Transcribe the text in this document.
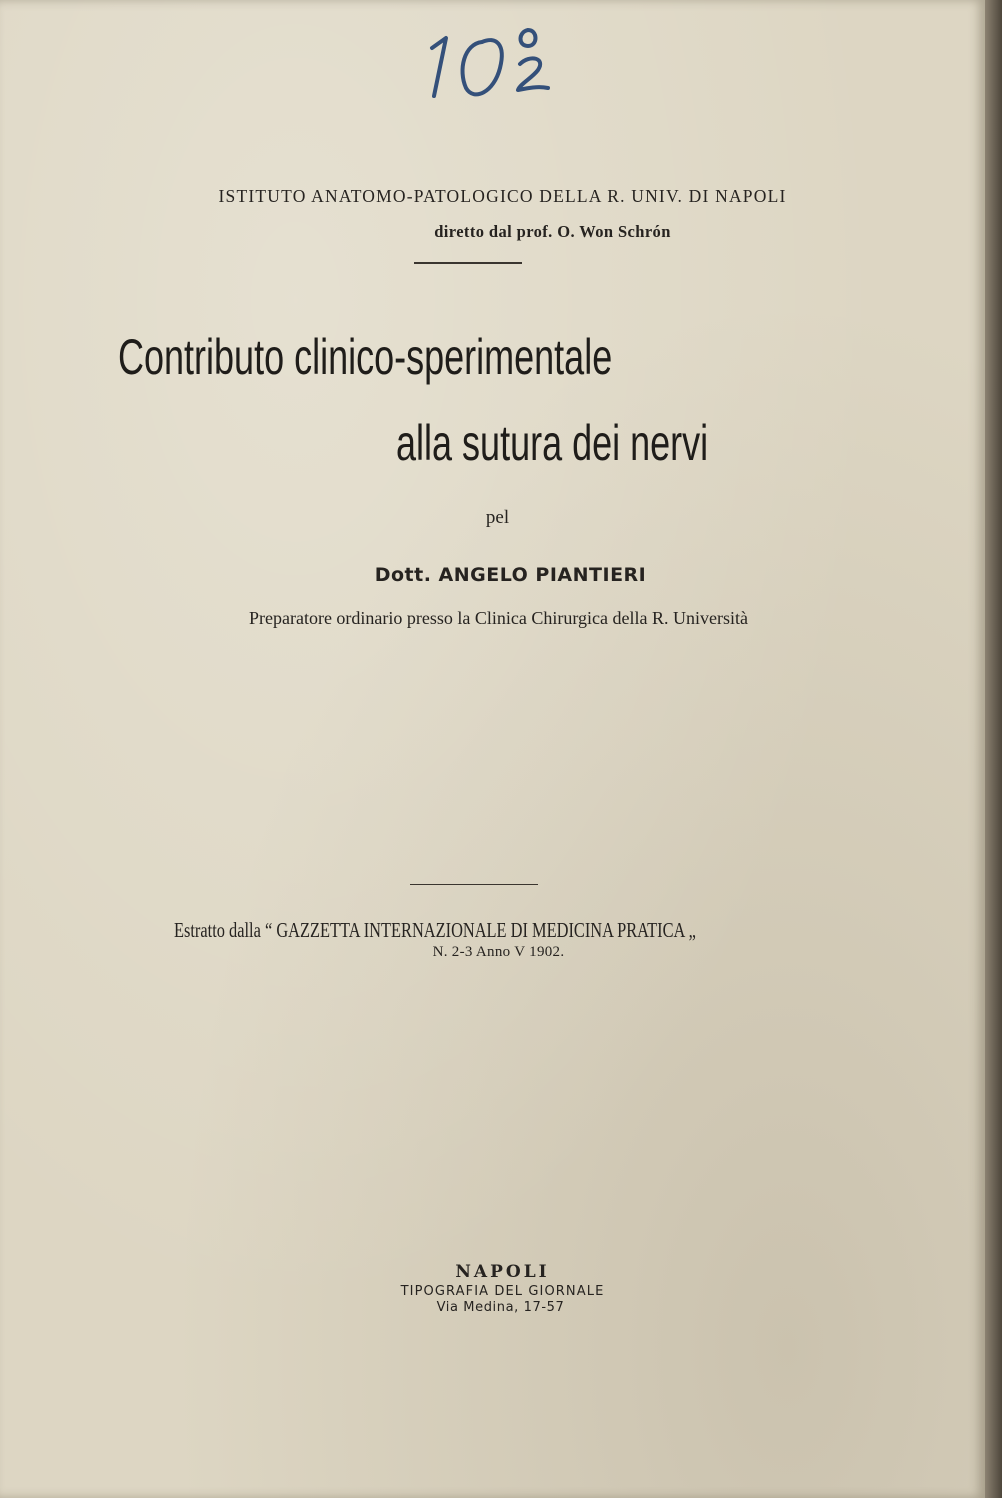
ISTITUTO ANATOMO-PATOLOGICO DELLA R. UNIV. DI NAPOLI
diretto dal prof. O. Won Schrón
Contributo clinico-sperimentale
alla sutura dei nervi
pel
Dott. ANGELO PIANTIERI
Preparatore ordinario presso la Clinica Chirurgica della R. Università
Estratto dalla “ GAZZETTA INTERNAZIONALE DI MEDICINA PRATICA „
N. 2-3 Anno V 1902.
NAPOLI
TIPOGRAFIA DEL GIORNALE
Via Medina, 17-57
